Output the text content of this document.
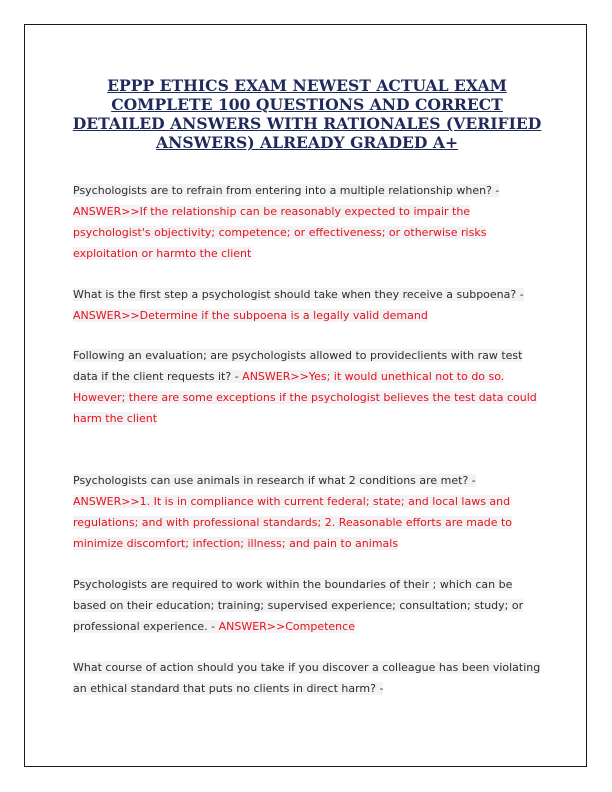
EPPP ETHICS EXAM NEWEST ACTUAL EXAM COMPLETE 100 QUESTIONS AND CORRECT DETAILED ANSWERS WITH RATIONALES (VERIFIED ANSWERS) ALREADY GRADED A+

Psychologists are to refrain from entering into a multiple relationship when? - ANSWER>>If the relationship can be reasonably expected to impair the psychologist's objectivity; competence; or effectiveness; or otherwise risks exploitation or harmto the client

What is the first step a psychologist should take when they receive a subpoena? - ANSWER>>Determine if the subpoena is a legally valid demand

Following an evaluation; are psychologists allowed to provideclients with raw test data if the client requests it? - ANSWER>>Yes; it would unethical not to do so. However; there are some exceptions if the psychologist believes the test data could harm the client

Psychologists can use animals in research if what 2 conditions are met? - ANSWER>>1. It is in compliance with current federal; state; and local laws and regulations; and with professional standards; 2. Reasonable efforts are made to minimize discomfort; infection; illness; and pain to animals

Psychologists are required to work within the boundaries of their ; which can be based on their education; training; supervised experience; consultation; study; or professional experience. - ANSWER>>Competence

What course of action should you take if you discover a colleague has been violating an ethical standard that puts no clients in direct harm? -
